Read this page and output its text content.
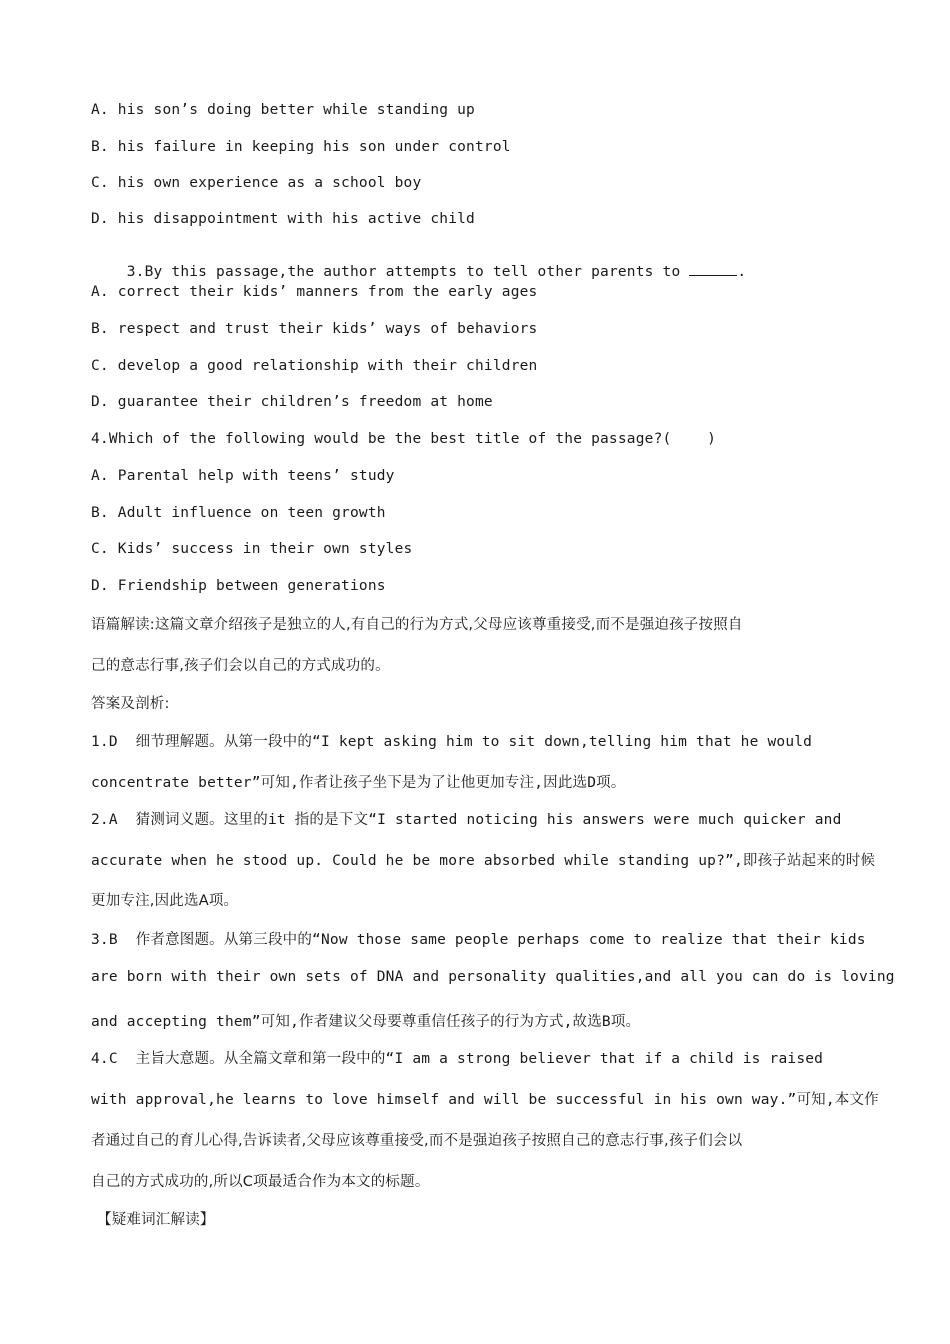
A. his son’s doing better while standing up
B. his failure in keeping his son under control
C. his own experience as a school boy
D. his disappointment with his active child

3.By this passage,the author attempts to tell other parents to	.

A. correct their kids’ manners from the early ages
B. respect and trust their kids’ ways of behaviors
C. develop a good relationship with their children
D. guarantee their children’s freedom at home
4.Which of the following would be the best title of the passage?(    )
A. Parental help with teens’ study
B. Adult influence on teen growth
C. Kids’ success in their own styles
D. Friendship between generations
语篇解读:这篇文章介绍孩子是独立的人,有自己的行为方式,父母应该尊重接受,而不是强迫孩子按照自
己的意志行事,孩子们会以自己的方式成功的。
答案及剖析:
1.D  细节理解题。从第一段中的“I kept asking him to sit down,telling him that he would
concentrate better”可知,作者让孩子坐下是为了让他更加专注,因此选D项。
2.A  猜测词义题。这里的it 指的是下文“I started noticing his answers were much quicker and
accurate when he stood up. Could he be more absorbed while standing up?”,即孩子站起来的时候
更加专注,因此选A项。
3.B  作者意图题。从第三段中的“Now those same people perhaps come to realize that their kids
are born with their own sets of DNA and personality qualities,and all you can do is loving
and accepting them”可知,作者建议父母要尊重信任孩子的行为方式,故选B项。
4.C  主旨大意题。从全篇文章和第一段中的“I am a strong believer that if a child is raised
with approval,he learns to love himself and will be successful in his own way.”可知,本文作
者通过自己的育儿心得,告诉读者,父母应该尊重接受,而不是强迫孩子按照自己的意志行事,孩子们会以
自己的方式成功的,所以C项最适合作为本文的标题。
【疑难词汇解读】
